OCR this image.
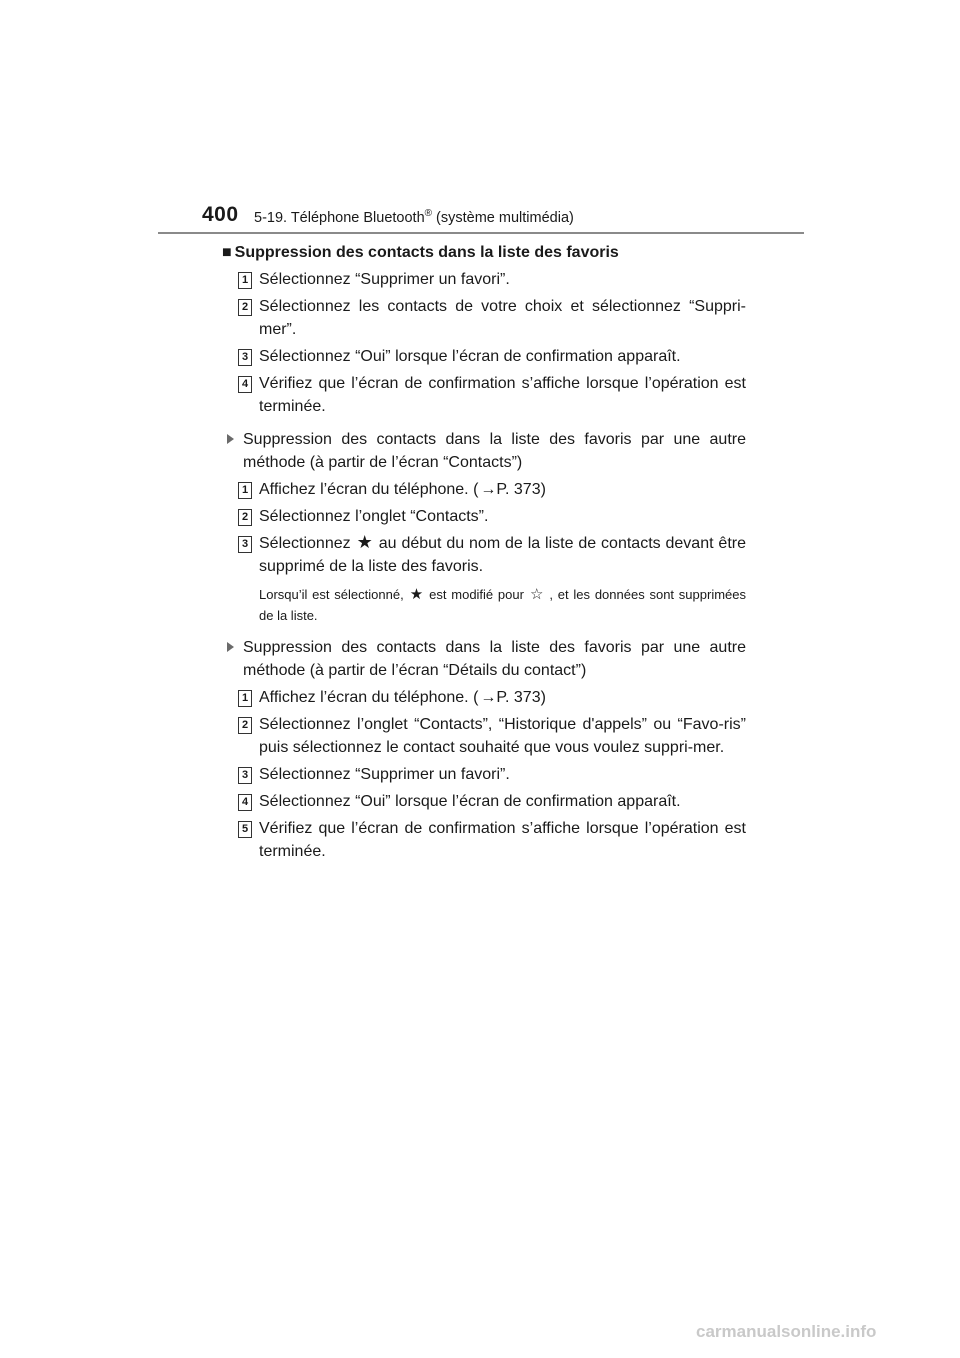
400 5-19. Téléphone Bluetooth® (système multimédia)
■ Suppression des contacts dans la liste des favoris
1 Sélectionnez “Supprimer un favori”.
2 Sélectionnez les contacts de votre choix et sélectionnez “Suppri-mer”.
3 Sélectionnez “Oui” lorsque l’écran de confirmation apparaît.
4 Vérifiez que l’écran de confirmation s’affiche lorsque l’opération est terminée.
Suppression des contacts dans la liste des favoris par une autre méthode (à partir de l’écran “Contacts”)
1 Affichez l’écran du téléphone. ( →P. 373)
2 Sélectionnez l’onglet “Contacts”.
3 Sélectionnez ★ au début du nom de la liste de contacts devant être supprimé de la liste des favoris.
Lorsqu’il est sélectionné, ★ est modifié pour ☆ , et les données sont supprimées de la liste.
Suppression des contacts dans la liste des favoris par une autre méthode (à partir de l’écran “Détails du contact”)
1 Affichez l’écran du téléphone. ( →P. 373)
2 Sélectionnez l’onglet “Contacts”, “Historique d'appels” ou “Favo-ris” puis sélectionnez le contact souhaité que vous voulez suppri-mer.
3 Sélectionnez “Supprimer un favori”.
4 Sélectionnez “Oui” lorsque l’écran de confirmation apparaît.
5 Vérifiez que l’écran de confirmation s’affiche lorsque l’opération est terminée.
carmanualsonline.info
